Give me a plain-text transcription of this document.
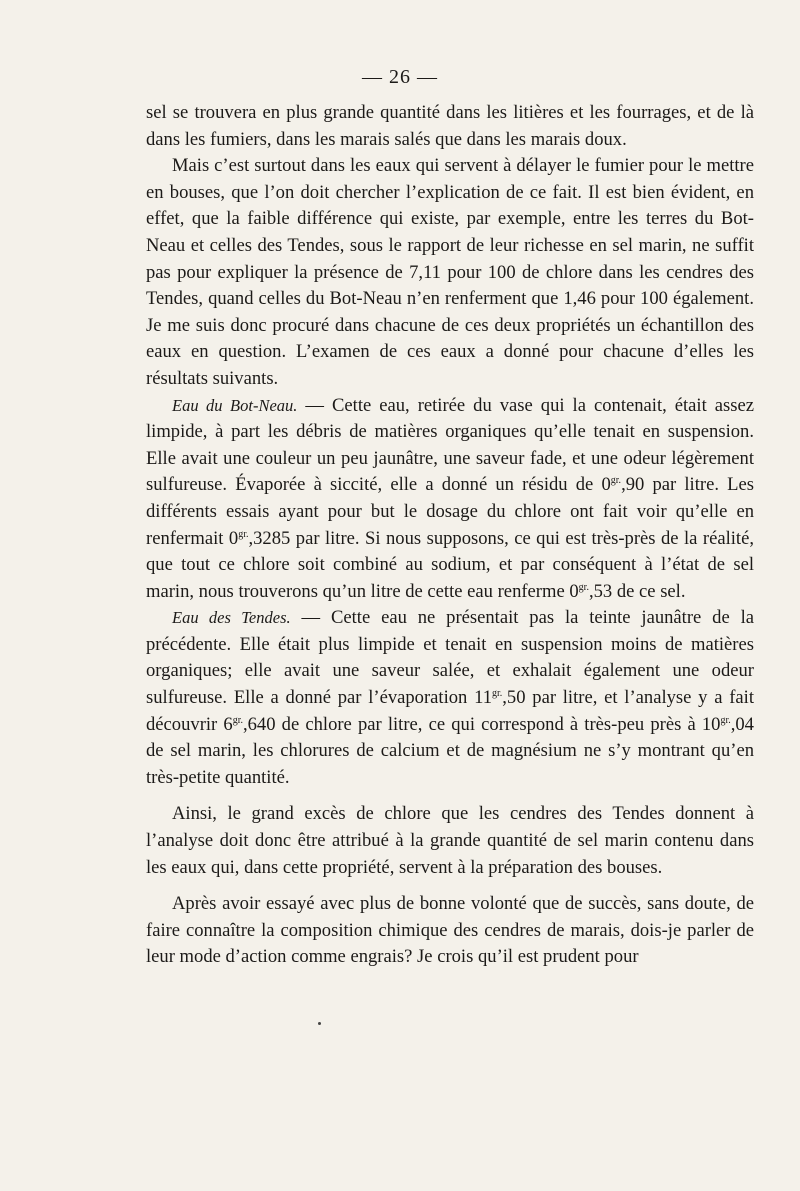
— 26 —

sel se trouvera en plus grande quantité dans les litières et les fourrages, et de là dans les fumiers, dans les marais salés que dans les marais doux.

Mais c’est surtout dans les eaux qui servent à délayer le fumier pour le mettre en bouses, que l’on doit chercher l’explication de ce fait. Il est bien évident, en effet, que la faible différence qui existe, par exemple, entre les terres du Bot-Neau et celles des Tendes, sous le rapport de leur richesse en sel marin, ne suffit pas pour expliquer la présence de 7,11 pour 100 de chlore dans les cendres des Tendes, quand celles du Bot-Neau n’en renferment que 1,46 pour 100 également. Je me suis donc procuré dans chacune de ces deux propriétés un échantillon des eaux en question. L’examen de ces eaux a donné pour chacune d’elles les résultats suivants.

Eau du Bot-Neau. — Cette eau, retirée du vase qui la contenait, était assez limpide, à part les débris de matières organiques qu’elle tenait en suspension. Elle avait une couleur un peu jaunâtre, une saveur fade, et une odeur légèrement sulfureuse. Évaporée à siccité, elle a donné un résidu de $0^{gr.},90$ par litre. Les différents essais ayant pour but le dosage du chlore ont fait voir qu’elle en renfermait $0^{gr.},3285$ par litre. Si nous supposons, ce qui est très-près de la réalité, que tout ce chlore soit combiné au sodium, et par conséquent à l’état de sel marin, nous trouverons qu’un litre de cette eau renferme $0^{gr.},53$ de ce sel.

Eau des Tendes. — Cette eau ne présentait pas la teinte jaunâtre de la précédente. Elle était plus limpide et tenait en suspension moins de matières organiques; elle avait une saveur salée, et exhalait également une odeur sulfureuse. Elle a donné par l’évaporation $11^{gr.},50$ par litre, et l’analyse y a fait découvrir $6^{gr.},640$ de chlore par litre, ce qui correspond à très-peu près à $10^{gr.},04$ de sel marin, les chlorures de calcium et de magnésium ne s’y montrant qu’en très-petite quantité.

Ainsi, le grand excès de chlore que les cendres des Tendes donnent à l’analyse doit donc être attribué à la grande quantité de sel marin contenu dans les eaux qui, dans cette propriété, servent à la préparation des bouses.

Après avoir essayé avec plus de bonne volonté que de succès, sans doute, de faire connaître la composition chimique des cendres de marais, dois-je parler de leur mode d’action comme engrais? Je crois qu’il est prudent pour
